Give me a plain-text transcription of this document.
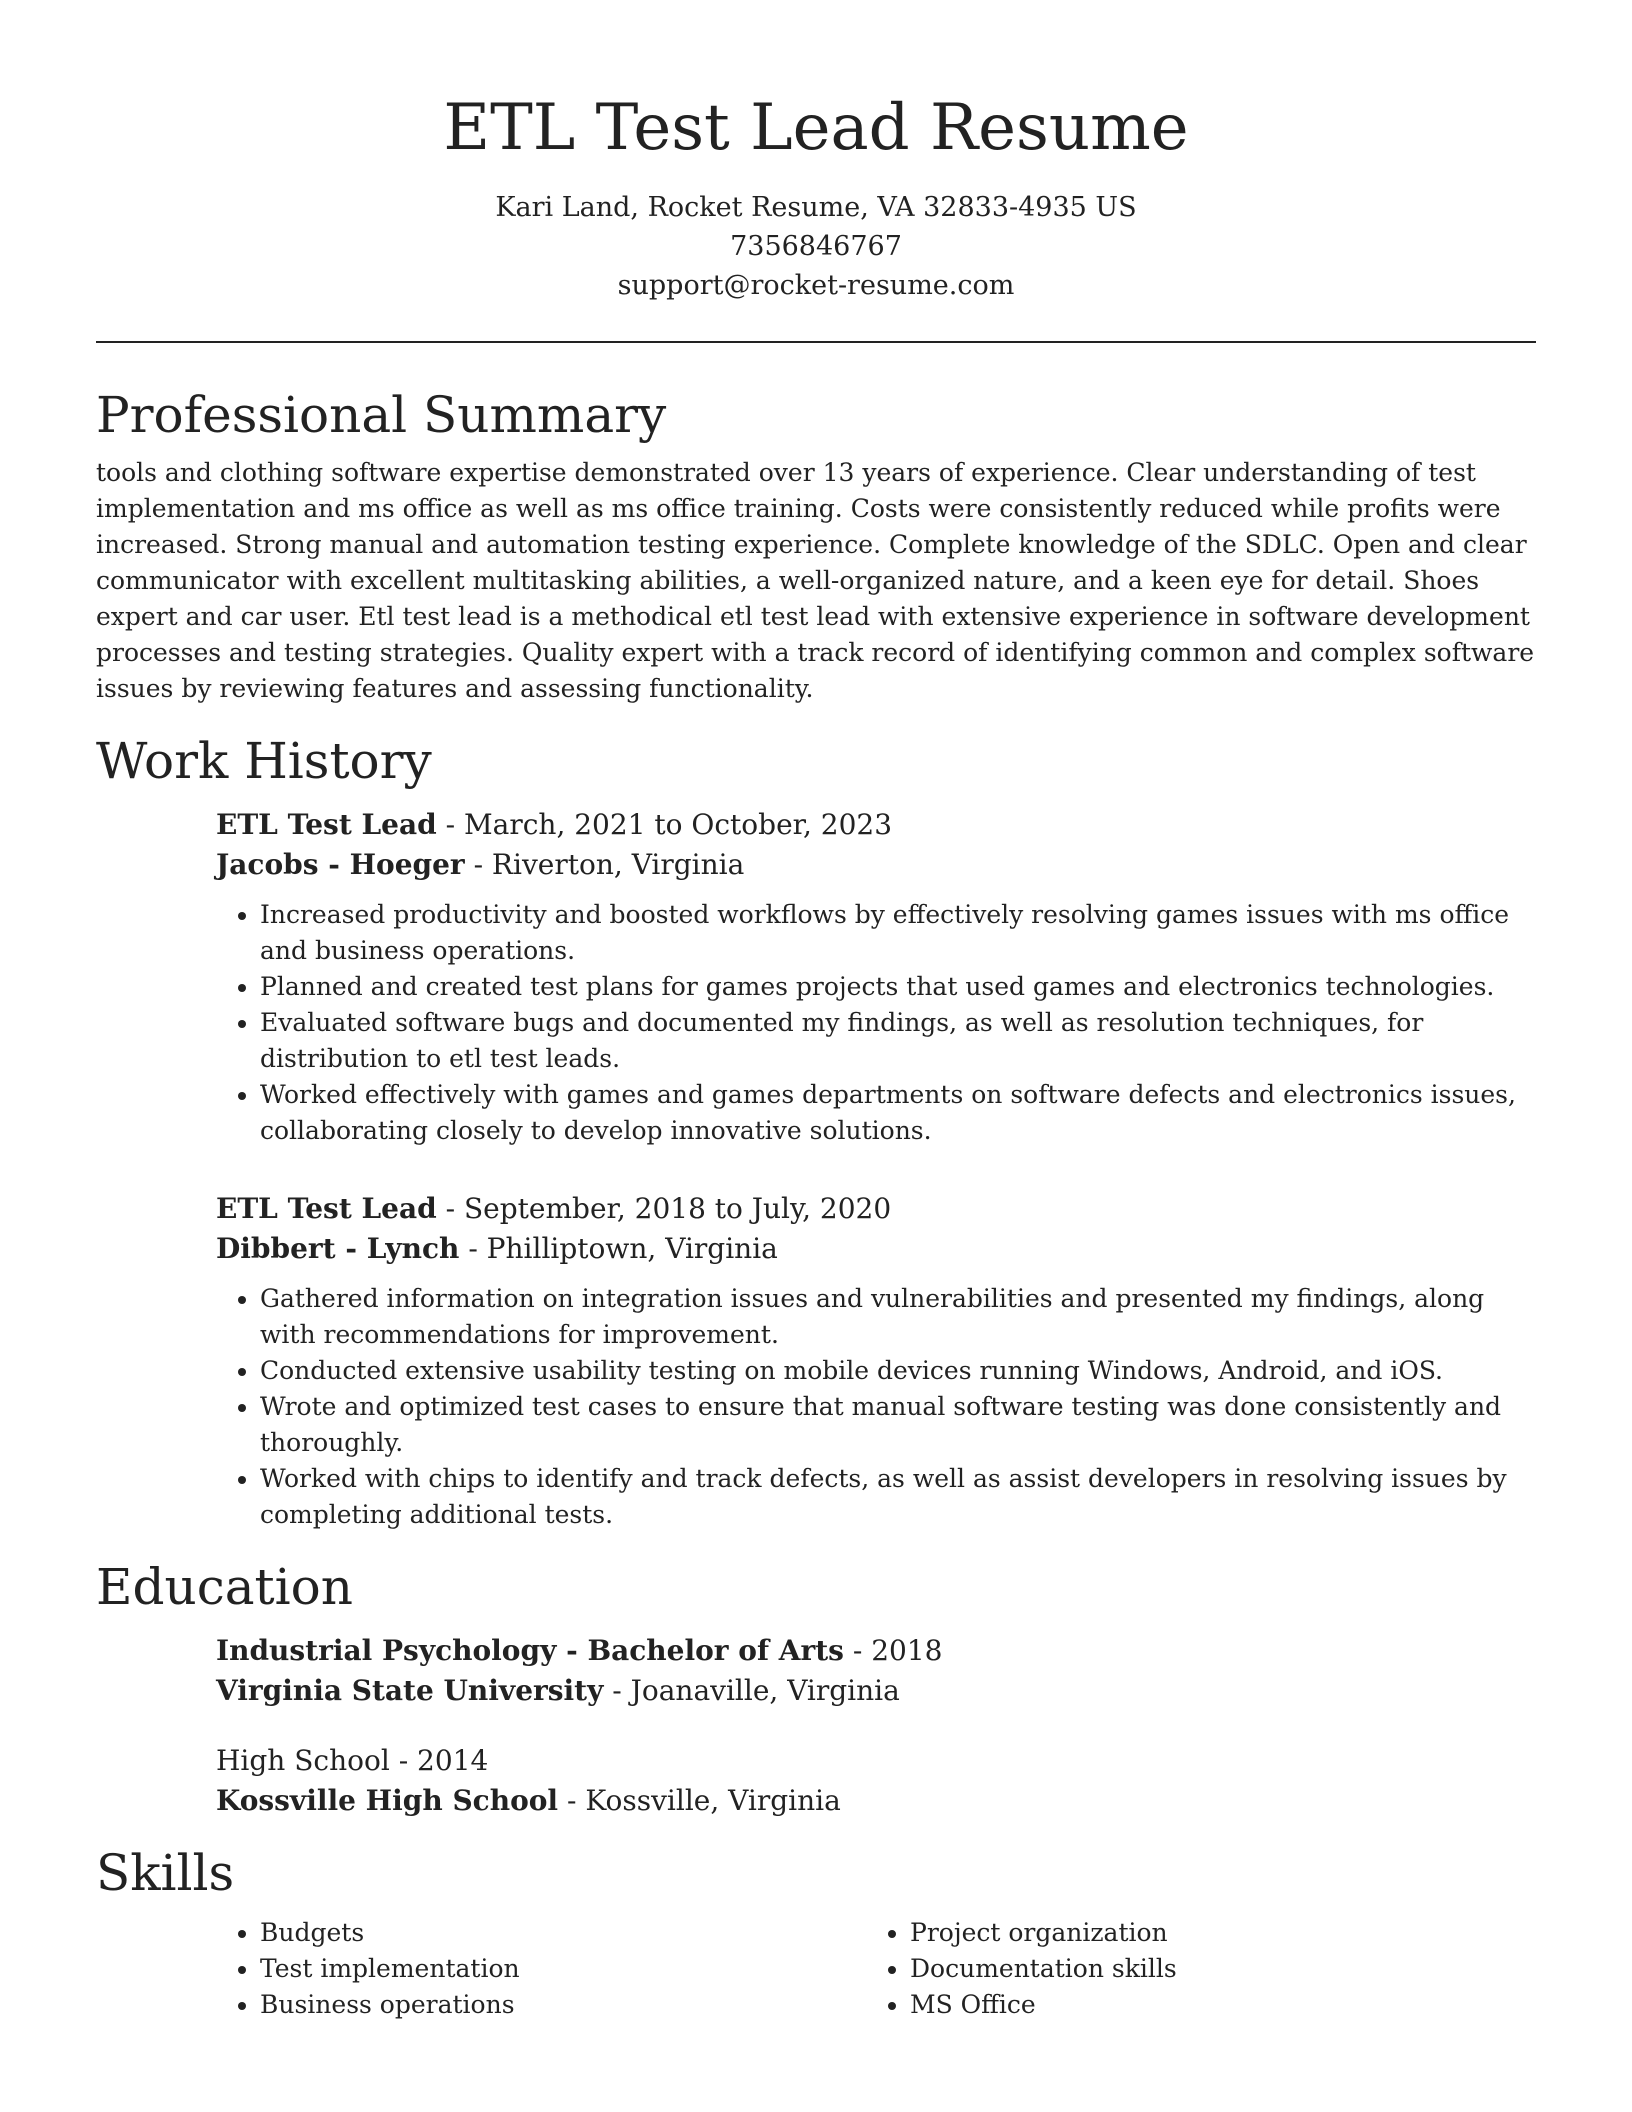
ETL Test Lead Resume
Kari Land, Rocket Resume, VA 32833-4935 US
7356846767
support@rocket-resume.com
Professional Summary

tools and clothing software expertise demonstrated over 13 years of experience. Clear understanding of test implementation and ms office as well as ms office training. Costs were consistently reduced while profits were increased. Strong manual and automation testing experience. Complete knowledge of the SDLC. Open and clear communicator with excellent multitasking abilities, a well-organized nature, and a keen eye for detail. Shoes expert and car user. Etl test lead is a methodical etl test lead with extensive experience in software development processes and testing strategies. Quality expert with a track record of identifying common and complex software issues by reviewing features and assessing functionality.

Work History
ETL Test Lead - March, 2021 to October, 2023
Jacobs - Hoeger - Riverton, Virginia
• Increased productivity and boosted workflows by effectively resolving games issues with ms office and business operations.
• Planned and created test plans for games projects that used games and electronics technologies.
• Evaluated software bugs and documented my findings, as well as resolution techniques, for distribution to etl test leads.
• Worked effectively with games and games departments on software defects and electronics issues, collaborating closely to develop innovative solutions.
ETL Test Lead - September, 2018 to July, 2020
Dibbert - Lynch - Philliptown, Virginia
• Gathered information on integration issues and vulnerabilities and presented my findings, along with recommendations for improvement.
• Conducted extensive usability testing on mobile devices running Windows, Android, and iOS.
• Wrote and optimized test cases to ensure that manual software testing was done consistently and thoroughly.
• Worked with chips to identify and track defects, as well as assist developers in resolving issues by completing additional tests.
Education
Industrial Psychology - Bachelor of Arts - 2018
Virginia State University - Joanaville, Virginia
High School - 2014
Kossville High School - Kossville, Virginia
Skills
• Budgets
• Test implementation
• Business operations
• Project organization
• Documentation skills
• MS Office
